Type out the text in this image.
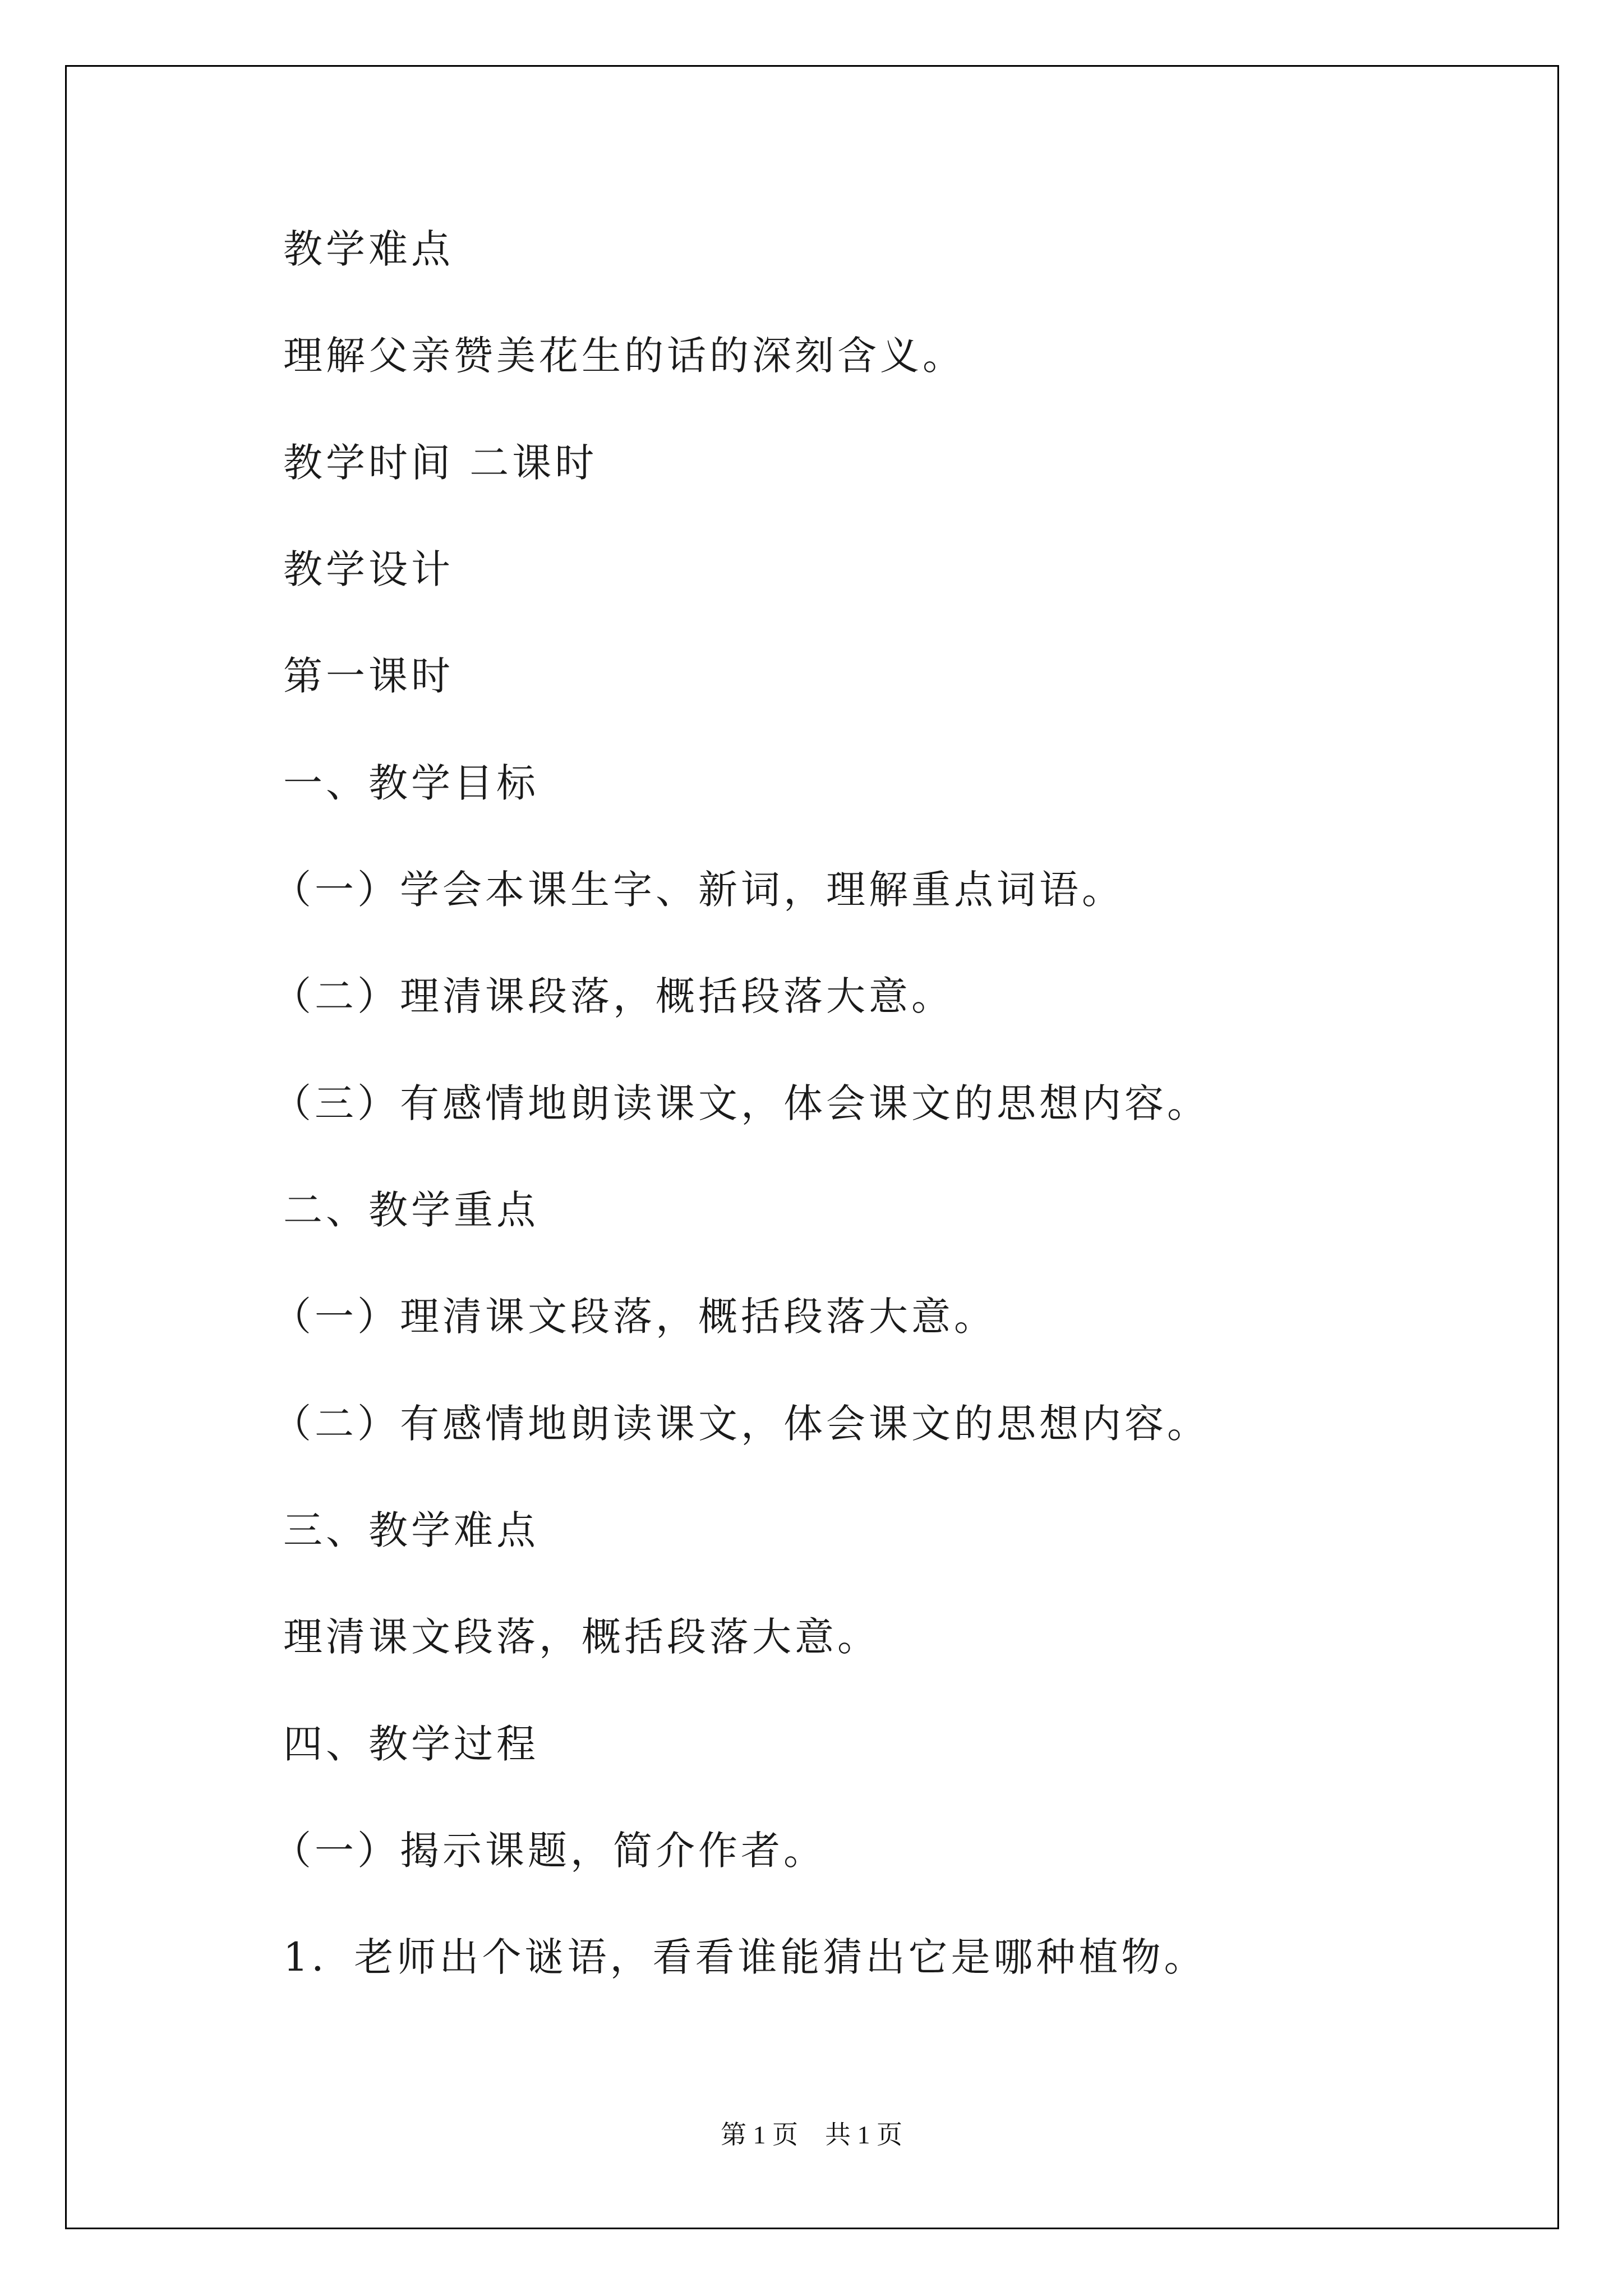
教学难点

理解父亲赞美花生的话的深刻含义。

教学时间 二课时

教学设计

第一课时

一、教学目标

（一）学会本课生字、新词，理解重点词语。

（二）理清课段落，概括段落大意。

（三）有感情地朗读课文，体会课文的思想内容。

二、教学重点

（一）理清课文段落，概括段落大意。

（二）有感情地朗读课文，体会课文的思想内容。

三、教学难点

理清课文段落，概括段落大意。

四、教学过程

（一）揭示课题，简介作者。

1．老师出个谜语，看看谁能猜出它是哪种植物。

第 1 页 共 1 页
